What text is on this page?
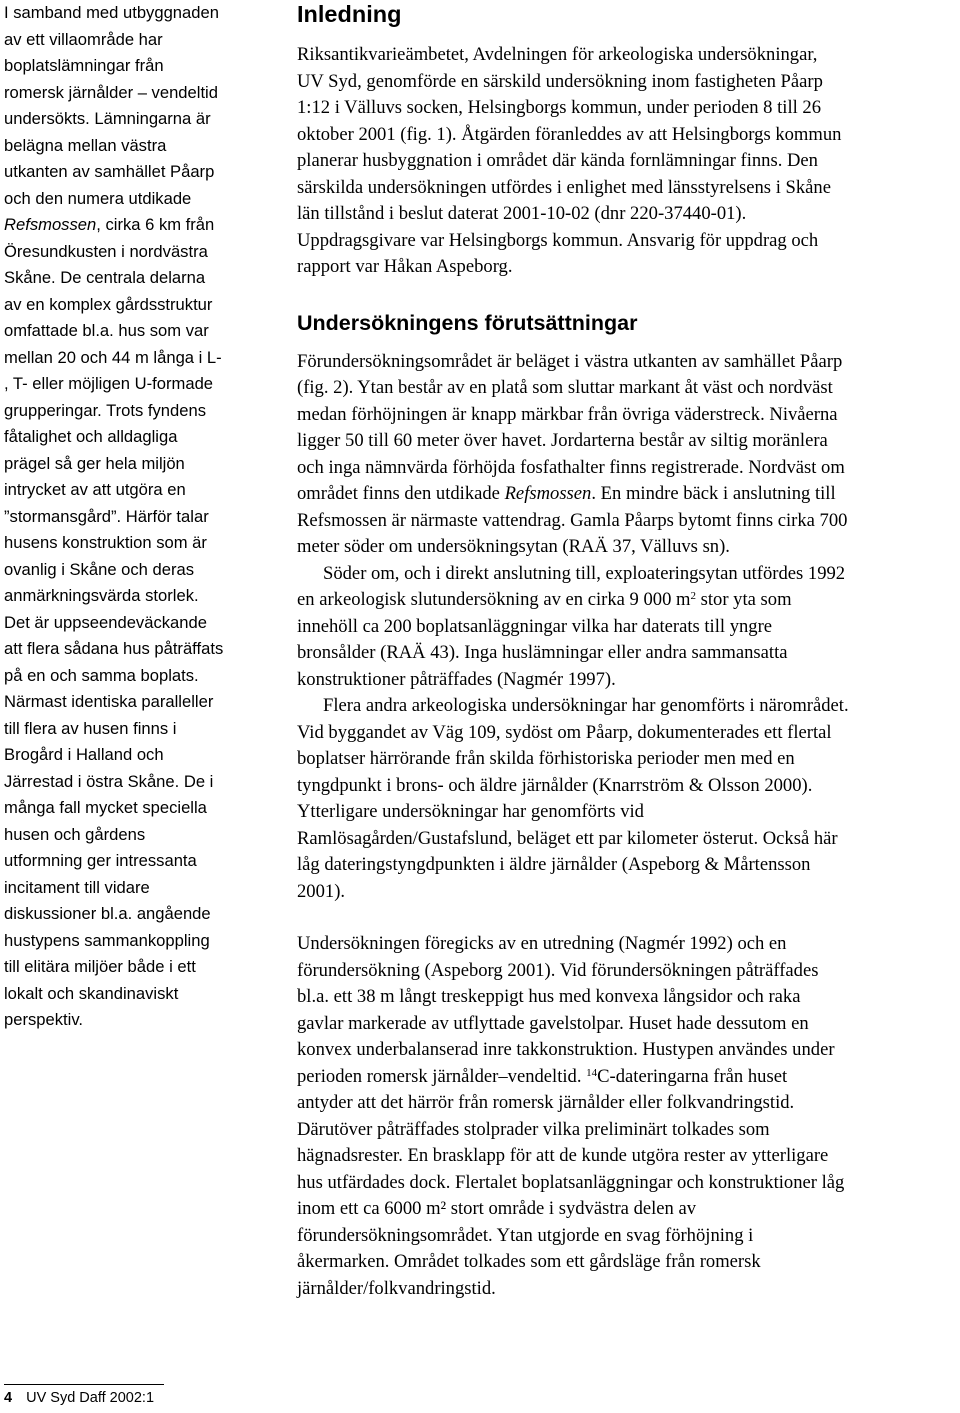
I samband med utbyggnaden
av ett villaområde har
boplatslämningar från
romersk järnålder – vendeltid
undersökts. Lämningarna är
belägna mellan västra
utkanten av samhället Påarp
och den numera utdikade
Refsmossen, cirka 6 km från
Öresundkusten i nordvästra
Skåne. De centrala delarna
av en komplex gårdsstruktur
omfattade bl.a. hus som var
mellan 20 och 44 m långa i L-
, T- eller möjligen U-formade
grupperingar. Trots fyndens
fåtalighet och alldagliga
prägel så ger hela miljön
intrycket av att utgöra en
”stormansgård”. Härför talar
husens konstruktion som är
ovanlig i Skåne och deras
anmärkningsvärda storlek.
Det är uppseendeväckande
att flera sådana hus påträffats
på en och samma boplats.
Närmast identiska paralleller
till flera av husen finns i
Brogård i Halland och
Järrestad i östra Skåne. De i
många fall mycket speciella
husen och gårdens
utformning ger intressanta
incitament till vidare
diskussioner bl.a. angående
hustypens sammankoppling
till elitära miljöer både i ett
lokalt och skandinaviskt
perspektiv.
Inledning
Riksantikvarieämbetet, Avdelningen för arkeologiska undersökningar,
UV Syd, genomförde en särskild undersökning inom fastigheten Påarp
1:12 i Välluvs socken, Helsingborgs kommun, under perioden 8 till 26
oktober 2001 (fig. 1). Åtgärden föranleddes av att Helsingborgs kommun
planerar husbyggnation i området där kända fornlämningar finns. Den
särskilda undersökningen utfördes i enlighet med länsstyrelsens i Skåne
län tillstånd i beslut daterat 2001-10-02 (dnr 220-37440-01).
Uppdragsgivare var Helsingborgs kommun. Ansvarig för uppdrag och
rapport var Håkan Aspeborg.
Undersökningens förutsättningar
Förundersökningsområdet är beläget i västra utkanten av samhället Påarp
(fig. 2). Ytan består av en platå som sluttar markant åt väst och nordväst
medan förhöjningen är knapp märkbar från övriga väderstreck. Nivåerna
ligger 50 till 60 meter över havet. Jordarterna består av siltig moränlera
och inga nämnvärda förhöjda fosfathalter finns registrerade. Nordväst om
området finns den utdikade Refsmossen. En mindre bäck i anslutning till
Refsmossen är närmaste vattendrag. Gamla Påarps bytomt finns cirka 700
meter söder om undersökningsytan (RAÄ 37, Välluvs sn).
Söder om, och i direkt anslutning till, exploateringsytan utfördes 1992
en arkeologisk slutundersökning av en cirka 9 000 $m^2$ stor yta som
innehöll ca 200 boplatsanläggningar vilka har daterats till yngre
bronsålder (RAÄ 43). Inga huslämningar eller andra sammansatta
konstruktioner påträffades (Nagmér 1997).
Flera andra arkeologiska undersökningar har genomförts i närområdet.
Vid byggandet av Väg 109, sydöst om Påarp, dokumenterades ett flertal
boplatser härrörande från skilda förhistoriska perioder men med en
tyngdpunkt i brons- och äldre järnålder (Knarrström & Olsson 2000).
Ytterligare undersökningar har genomförts vid
Ramlösagården/Gustafslund, beläget ett par kilometer österut. Också här
låg dateringstyngdpunkten i äldre järnålder (Aspeborg & Mårtensson
2001).
Undersökningen föregicks av en utredning (Nagmér 1992) och en
förundersökning (Aspeborg 2001). Vid förundersökningen påträffades
bl.a. ett 38 m långt treskeppigt hus med konvexa långsidor och raka
gavlar markerade av utflyttade gavelstolpar. Huset hade dessutom en
konvex underbalanserad inre takkonstruktion. Hustypen användes under
perioden romersk järnålder–vendeltid. $^{14}$C-dateringarna från huset
antyder att det härrör från romersk järnålder eller folkvandringstid.
Därutöver påträffades stolprader vilka preliminärt tolkades som
hägnadsrester. En brasklapp för att de kunde utgöra rester av ytterligare
hus utfärdades dock. Flertalet boplatsanläggningar och konstruktioner låg
inom ett ca 6000 m² stort område i sydvästra delen av
förundersökningsområdet. Ytan utgjorde en svag förhöjning i
åkermarken. Området tolkades som ett gårdsläge från romersk
järnålder/folkvandringstid.
4 UV Syd Daff 2002:1
